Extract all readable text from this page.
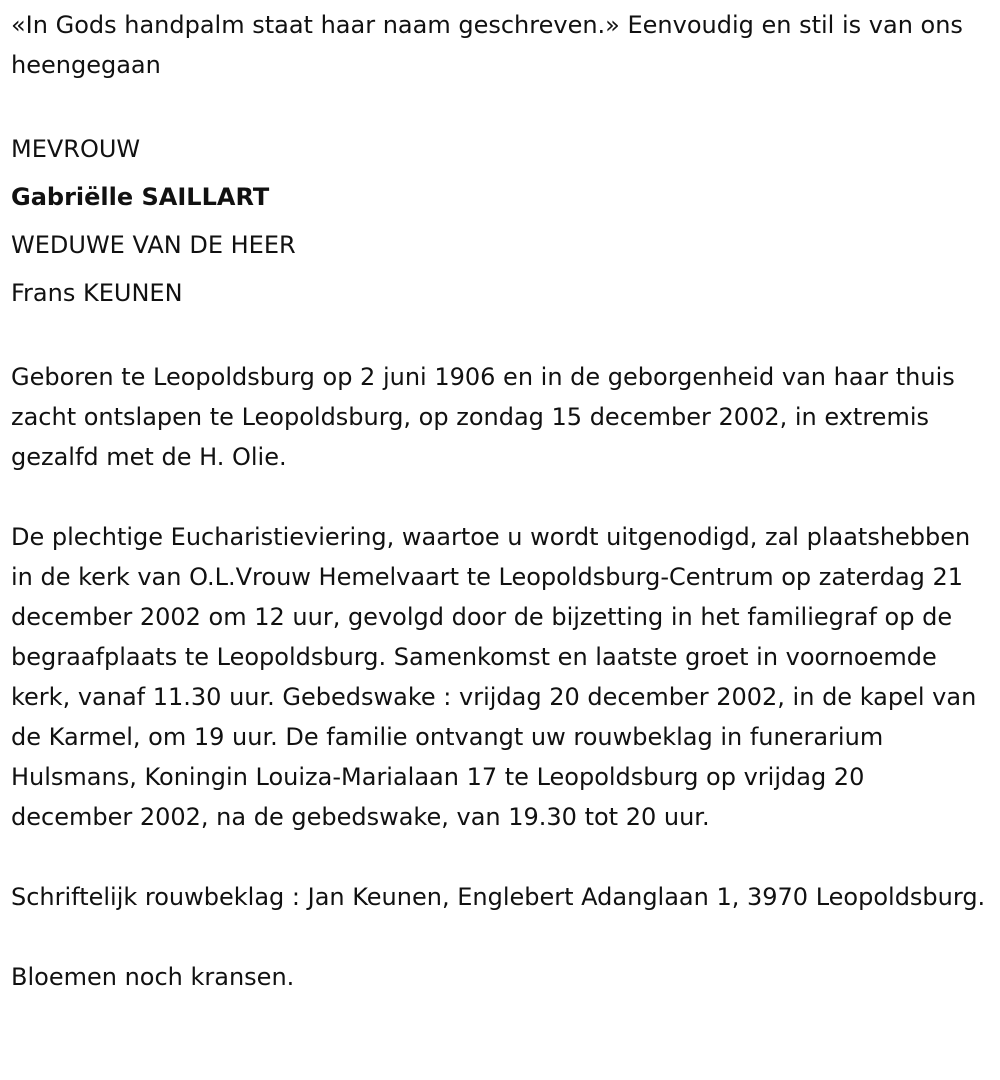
«In Gods handpalm staat haar naam geschreven.» Eenvoudig en stil is van ons heengegaan

MEVROUW

Gabriëlle SAILLART

WEDUWE VAN DE HEER

Frans KEUNEN

Geboren te Leopoldsburg op 2 juni 1906 en in de geborgenheid van haar thuis zacht ontslapen te Leopoldsburg, op zondag 15 december 2002, in extremis gezalfd met de H. Olie.

De plechtige Eucharistieviering, waartoe u wordt uitgenodigd, zal plaatshebben in de kerk van O.L.Vrouw Hemelvaart te Leopoldsburg-Centrum op zaterdag 21 december 2002 om 12 uur, gevolgd door de bijzetting in het familiegraf op de begraafplaats te Leopoldsburg. Samenkomst en laatste groet in voornoemde kerk, vanaf 11.30 uur. Gebedswake : vrijdag 20 december 2002, in de kapel van de Karmel, om 19 uur. De familie ontvangt uw rouwbeklag in funerarium Hulsmans, Koningin Louiza-Marialaan 17 te Leopoldsburg op vrijdag 20 december 2002, na de gebedswake, van 19.30 tot 20 uur.

Schriftelijk rouwbeklag : Jan Keunen, Englebert Adanglaan 1, 3970 Leopoldsburg.

Bloemen noch kransen.
